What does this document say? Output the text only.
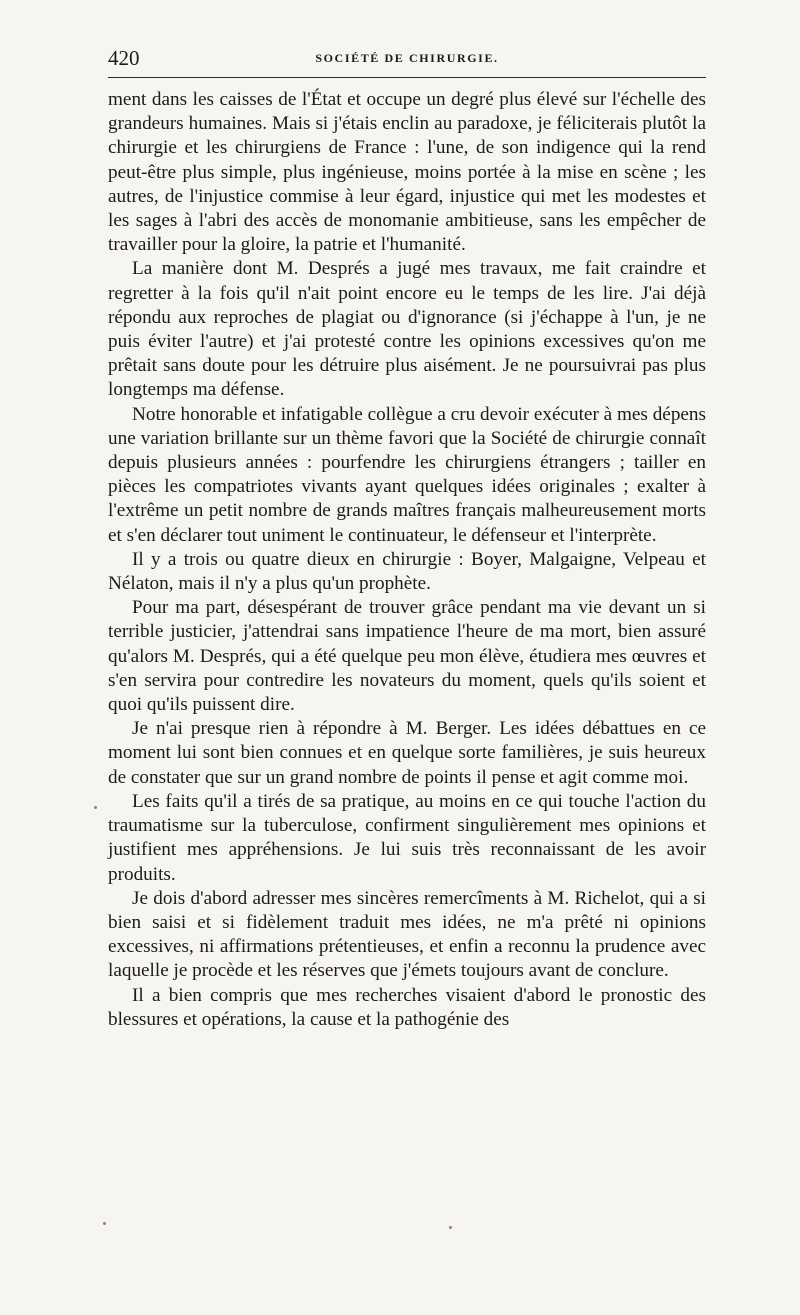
420	SOCIÉTÉ DE CHIRURGIE.

ment dans les caisses de l'État et occupe un degré plus élevé sur l'échelle des grandeurs humaines. Mais si j'étais enclin au paradoxe, je féliciterais plutôt la chirurgie et les chirurgiens de France : l'une, de son indigence qui la rend peut-être plus simple, plus ingénieuse, moins portée à la mise en scène ; les autres, de l'injustice commise à leur égard, injustice qui met les modestes et les sages à l'abri des accès de monomanie ambitieuse, sans les empêcher de travailler pour la gloire, la patrie et l'humanité.

La manière dont M. Després a jugé mes travaux, me fait craindre et regretter à la fois qu'il n'ait point encore eu le temps de les lire. J'ai déjà répondu aux reproches de plagiat ou d'ignorance (si j'échappe à l'un, je ne puis éviter l'autre) et j'ai protesté contre les opinions excessives qu'on me prêtait sans doute pour les détruire plus aisément. Je ne poursuivrai pas plus longtemps ma défense.

Notre honorable et infatigable collègue a cru devoir exécuter à mes dépens une variation brillante sur un thème favori que la Société de chirurgie connaît depuis plusieurs années : pourfendre les chirurgiens étrangers ; tailler en pièces les compatriotes vivants ayant quelques idées originales ; exalter à l'extrême un petit nombre de grands maîtres français malheureusement morts et s'en déclarer tout uniment le continuateur, le défenseur et l'interprète.

Il y a trois ou quatre dieux en chirurgie : Boyer, Malgaigne, Velpeau et Nélaton, mais il n'y a plus qu'un prophète.

Pour ma part, désespérant de trouver grâce pendant ma vie devant un si terrible justicier, j'attendrai sans impatience l'heure de ma mort, bien assuré qu'alors M. Després, qui a été quelque peu mon élève, étudiera mes œuvres et s'en servira pour contredire les novateurs du moment, quels qu'ils soient et quoi qu'ils puissent dire.

Je n'ai presque rien à répondre à M. Berger. Les idées débattues en ce moment lui sont bien connues et en quelque sorte familières, je suis heureux de constater que sur un grand nombre de points il pense et agit comme moi.

Les faits qu'il a tirés de sa pratique, au moins en ce qui touche l'action du traumatisme sur la tuberculose, confirment singulièrement mes opinions et justifient mes appréhensions. Je lui suis très reconnaissant de les avoir produits.

Je dois d'abord adresser mes sincères remercîments à M. Richelot, qui a si bien saisi et si fidèlement traduit mes idées, ne m'a prêté ni opinions excessives, ni affirmations prétentieuses, et enfin a reconnu la prudence avec laquelle je procède et les réserves que j'émets toujours avant de conclure.

Il a bien compris que mes recherches visaient d'abord le pronostic des blessures et opérations, la cause et la pathogénie des
